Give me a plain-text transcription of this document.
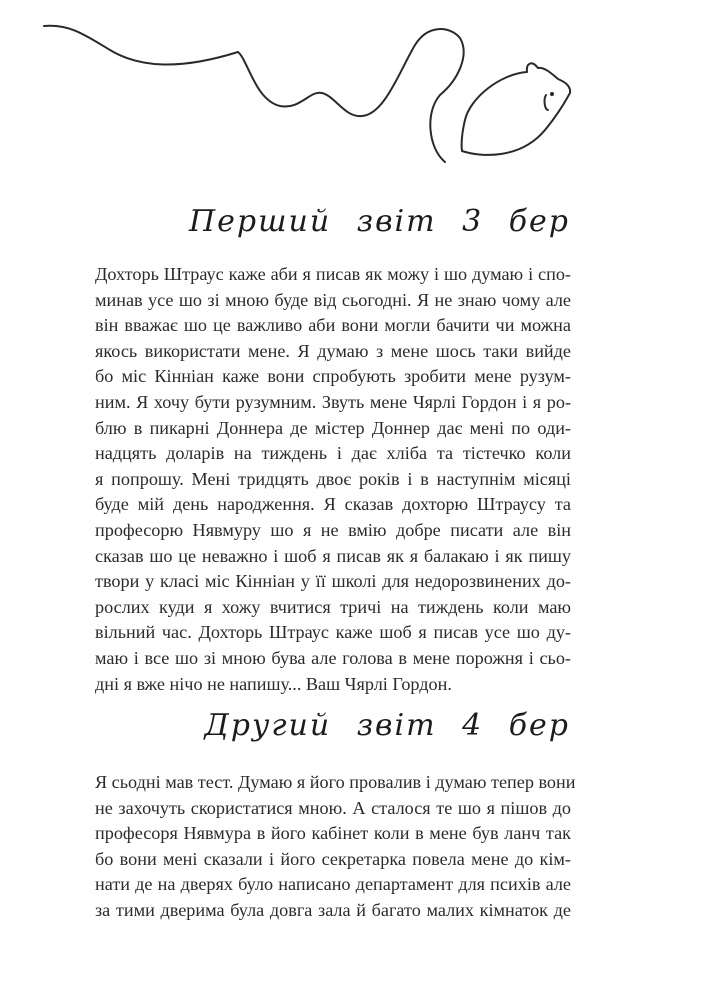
Перший звіт 3 бер
Дохторь Штраус каже аби я писав як можу і шо думаю і спо-
минав усе шо зі мною буде від сьогодні. Я не знаю чому але
він вважає шо це важливо аби вони могли бачити чи можна
якось використати мене. Я думаю з мене шось таки вийде
бо міс Кінніан каже вони спробують зробити мене рузум-
ним. Я хочу бути рузумним. Звуть мене Чярлі Гордон і я ро-
блю в пикарні Доннера де містер Доннер дає мені по оди-
надцять доларів на тиждень і дає хліба та тістечко коли
я попрошу. Мені тридцять двоє років і в наступнім місяці
буде мій день народження. Я сказав дохторю Штраусу та
професорю Нявмуру шо я не вмію добре писати але він
сказав шо це неважно і шоб я писав як я балакаю і як пишу
твори у класі міс Кінніан у її школі для недорозвинених до-
рослих куди я хожу вчитися тричі на тиждень коли маю
вільний час. Дохторь Штраус каже шоб я писав усе шо ду-
маю і все шо зі мною бува але голова в мене порожня і сьо-
дні я вже нічо не напишу... Ваш Чярлі Гордон.
Другий звіт 4 бер
Я сьодні мав тест. Думаю я його провалив і думаю тепер вони
не захочуть скористатися мною. А сталося те шо я пішов до
професоря Нявмура в його кабінет коли в мене був ланч так
бо вони мені сказали і його секретарка повела мене до кім-
нати де на дверях було написано департамент для психів але
за тими дверима була довга зала й багато малих кімнаток де
